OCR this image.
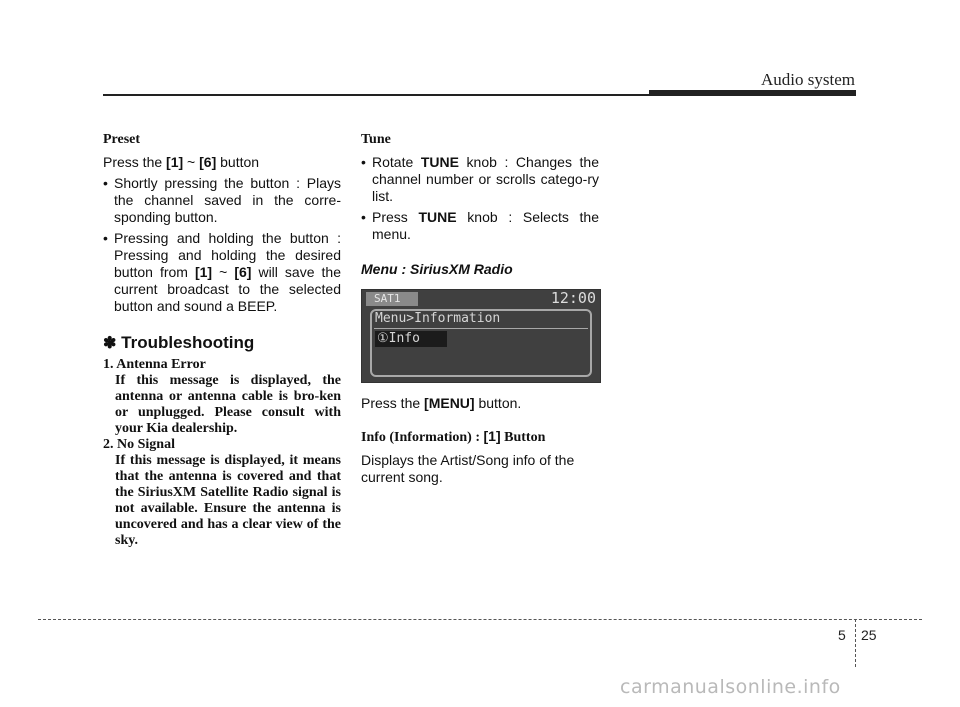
Audio system
Preset
Press the [1] ~ [6] button
• Shortly pressing the button : Plays the channel saved in the corre-sponding button.
• Pressing and holding the button : Pressing and holding the desired button from [1] ~ [6] will save the current broadcast to the selected button and sound a BEEP.
✽ Troubleshooting
1. Antenna Error
If this message is displayed, the antenna or antenna cable is bro-ken or unplugged. Please consult with your Kia dealership.
2. No Signal
If this message is displayed, it means that the antenna is covered and that the SiriusXM Satellite Radio signal is not available. Ensure the antenna is uncovered and has a clear view of the sky.
Tune
• Rotate TUNE knob : Changes the channel number or scrolls catego-ry list.
• Press TUNE knob : Selects the menu.
Menu : SiriusXM Radio
SAT1	12:00
Menu>Information
①Info
Press the [MENU] button.
Info (Information) : [1] Button
Displays the Artist/Song info of the current song.
5 25
carmanualsonline.info
